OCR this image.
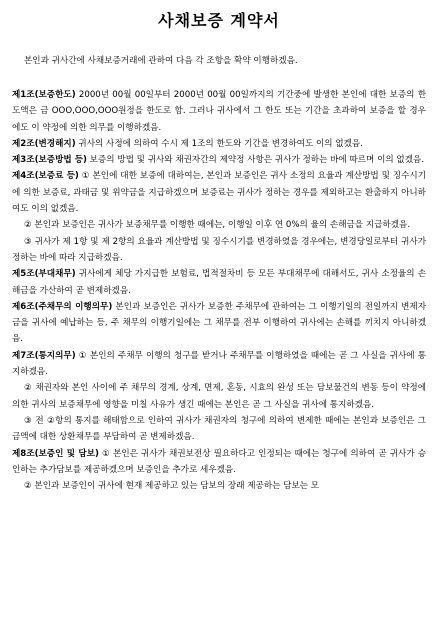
사채보증 계약서
본인과 귀사간에 사채보증거래에 관하여 다음 각 조항을 확약 이행하겠음.
제1조(보증한도) 2000년 00월 00일부터 2000년 00월 00일까지의 기간중에 발생한 본인에 대한 보증의 한도액은 금 OOO,OOO,OOO원정을 한도로 함. 그러나 귀사에서 그 한도 또는 기간을 초과하여 보증을 할 경우에도 이 약정에 의한 의무를 이행하겠음.
제2조(변경해지) 귀사의 사정에 의하여 수시 제 1조의 한도와 기간을 변경하여도 이의 없겠음.
제3조(보증방법 등) 보증의 방법 및 귀사와 채권자간의 제약정 사항은 귀사가 정하는 바에 따르며 이의 없겠음.
제4조(보증료 등) ① 본인에 대한 보증에 대하여는, 본인과 보증인은 귀사 소정의 요율과 계산방법 및 징수시기에 의한 보증료, 과태금 및 위약금을 지급하겠으며 보증료는 귀사가 정하는 경우를 제외하고는 환출하지 아니하여도 이의 없겠음.
② 본인과 보증인은 귀사가 보증채무를 이행한 때에는, 이행일 이후 연 0%의 율의 손해금을 지급하겠음.
③ 귀사가 제 1항 및 제 2항의 요율과 계산방법 및 징수시기를 변경하였을 경우에는, 변경당일로부터 귀사가 정하는 바에 따라 지급하겠음.
제5조(부대채무) 귀사에게 체당 가지급한 보험료, 법적절차비 등 모든 부대채무에 대해서도, 귀사 소정율의 손해금을 가산하여 곧 변제하겠음.
제6조(주채무의 이행의무) 본인과 보증인은 귀사가 보증한 주채무에 관하여는 그 이행기일의 전일까지 변제자금을 귀사에 예납하는 등, 주 채무의 이행기일에는 그 채무를 전부 이행하여 귀사에는 손해를 끼치지 아니하겠음.
제7조(통지의무) ① 본인의 주채무 이행의 청구를 받거나 주채무를 이행하였을 때에는 곧 그 사실을 귀사에 통지하겠음.
② 채권자와 본인 사이에 주 채무의 경계, 상계, 면제, 혼동, 시효의 완성 또는 담보물건의 변동 등이 약정에 의한 귀사의 보증채무에 영향을 미칠 사유가 생긴 때에는 본인은 곧 그 사실을 귀사에 통지하겠음.
③ 전 ②항의 통지를 해태함으로 인하여 귀사가 채권자의 청구에 의하여 변제한 때에는 본인과 보증인은 그 금액에 대한 상환채무를 부담하여 곧 변제하겠음.
제8조(보증인 및 담보) ① 본인은 귀사가 채권보전상 필요하다고 인정되는 때에는 청구에 의하여 곧 귀사가 승인하는 추가담보를 제공하겠으며 보증인을 추가로 세우겠음.
② 본인과 보증인이 귀사에 현재 제공하고 있는 담보의 장래 제공하는 담보는 모
